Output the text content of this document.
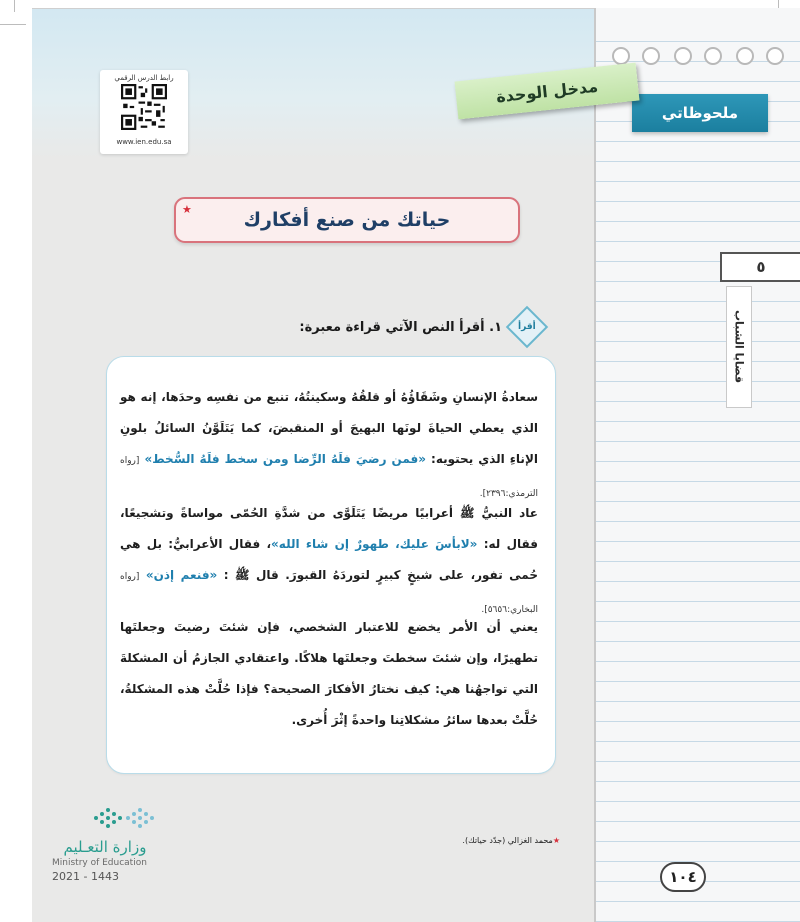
ملحوظاتي
٥
قضايا الشباب
رابط الدرس الرقمي
www.ien.edu.sa
مدخل الوحدة
حياتك من صنع أفكارك
★
أقرأ
١. أقرأ النص الآتي قراءة معبرة:
سعادةُ الإنسانِ وشَقَاؤُهُ أو قلقُهُ وسكينتُهُ، تنبع من نفسِه وحدَها، إنه هو الذي يعطي الحياةَ لونَها البهيجَ أو المنقبضَ، كما يَتَلَوَّنُ السائلُ بلونِ الإناءِ الذي يحتويه: «فمن رضيَ فلَهُ الرِّضا ومن سخط فلَهُ السُّخط» [رواه الترمذي:٢٣٩٦].
عاد النبيُّ ﷺ أعرابيًا مريضًا يَتَلَوَّى من شدَّةِ الحُمّى مواساةً وتشجيعًا، فقال له: «لابأسَ عليك، طهورٌ إن شاء الله»، فقال الأعرابيُّ: بل هي حُمى تفور، على شيخٍ كبيرٍ لتوردَهُ القبورَ. قال ﷺ : «فنعم إذن» [رواه البخاري:٥٦٥٦].
يعني أن الأمر يخضع للاعتبار الشخصي، فإن شئتَ رضيتَ وجعلتَها تطهيرًا، وإن شئتَ سخطتَ وجعلتَها هلاكًا. واعتقادي الجازمُ أن المشكلةَ التي تواجهُنا هي: كيف نختارُ الأفكارَ الصحيحة؟ فإذا حُلَّتْ هذه المشكلةُ، حُلَّتْ بعدها سائرُ مشكلاتِنا واحدةً إثْرَ أُخرى.
وزارة التعـليم
Ministry of Education
2021 - 1443
★محمد الغزالي (جدّد حياتك).
١٠٤
